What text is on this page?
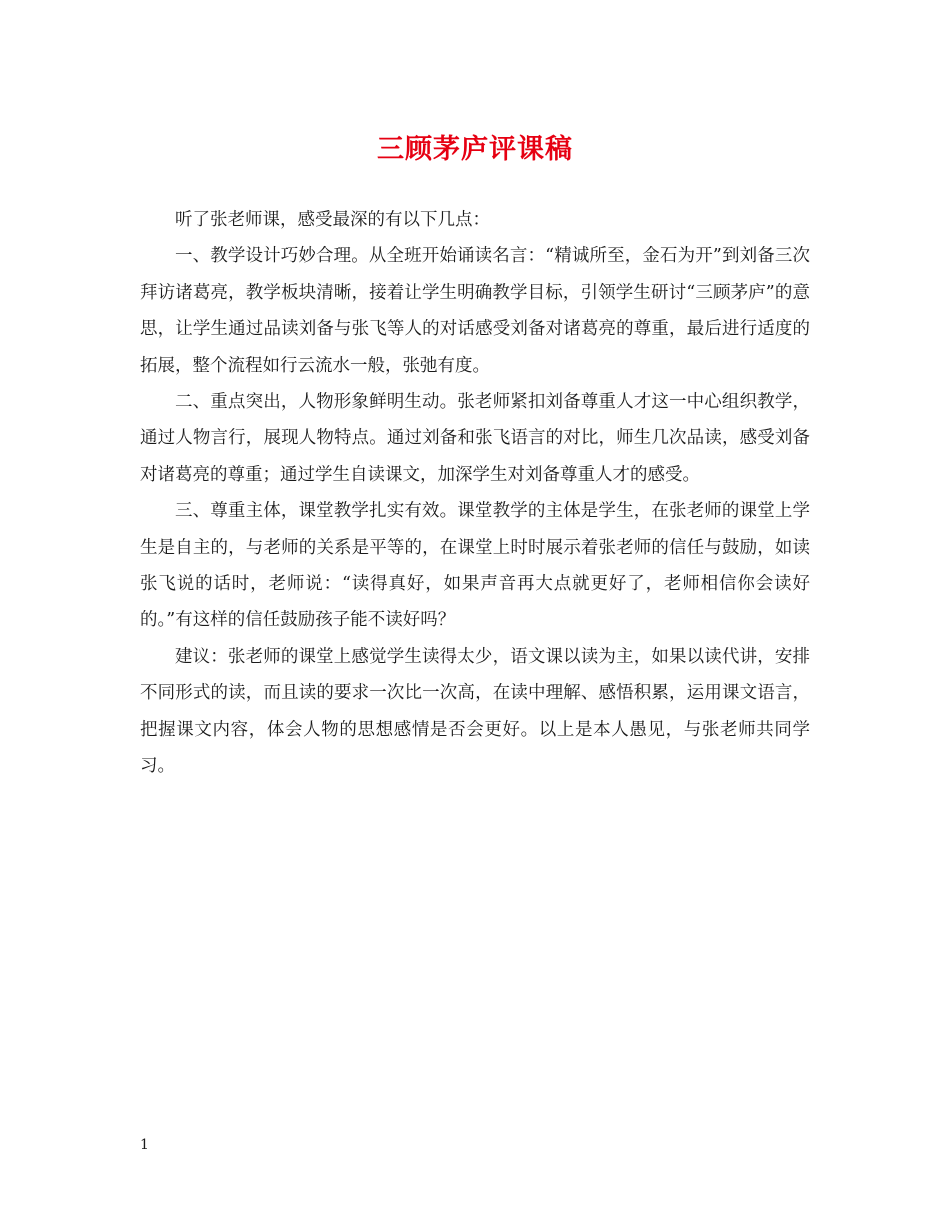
三顾茅庐评课稿

听了张老师课，感受最深的有以下几点：

一、教学设计巧妙合理。从全班开始诵读名言：“精诚所至，金石为开”到刘备三次拜访诸葛亮，教学板块清晰，接着让学生明确教学目标，引领学生研讨“三顾茅庐”的意思，让学生通过品读刘备与张飞等人的对话感受刘备对诸葛亮的尊重，最后进行适度的拓展，整个流程如行云流水一般，张弛有度。

二、重点突出，人物形象鲜明生动。张老师紧扣刘备尊重人才这一中心组织教学，通过人物言行，展现人物特点。通过刘备和张飞语言的对比，师生几次品读，感受刘备对诸葛亮的尊重；通过学生自读课文，加深学生对刘备尊重人才的感受。

三、尊重主体，课堂教学扎实有效。课堂教学的主体是学生，在张老师的课堂上学生是自主的，与老师的关系是平等的，在课堂上时时展示着张老师的信任与鼓励，如读张飞说的话时，老师说：“读得真好，如果声音再大点就更好了，老师相信你会读好的。”有这样的信任鼓励孩子能不读好吗？

建议：张老师的课堂上感觉学生读得太少，语文课以读为主，如果以读代讲，安排不同形式的读，而且读的要求一次比一次高，在读中理解、感悟积累，运用课文语言，把握课文内容，体会人物的思想感情是否会更好。以上是本人愚见，与张老师共同学习。

1
